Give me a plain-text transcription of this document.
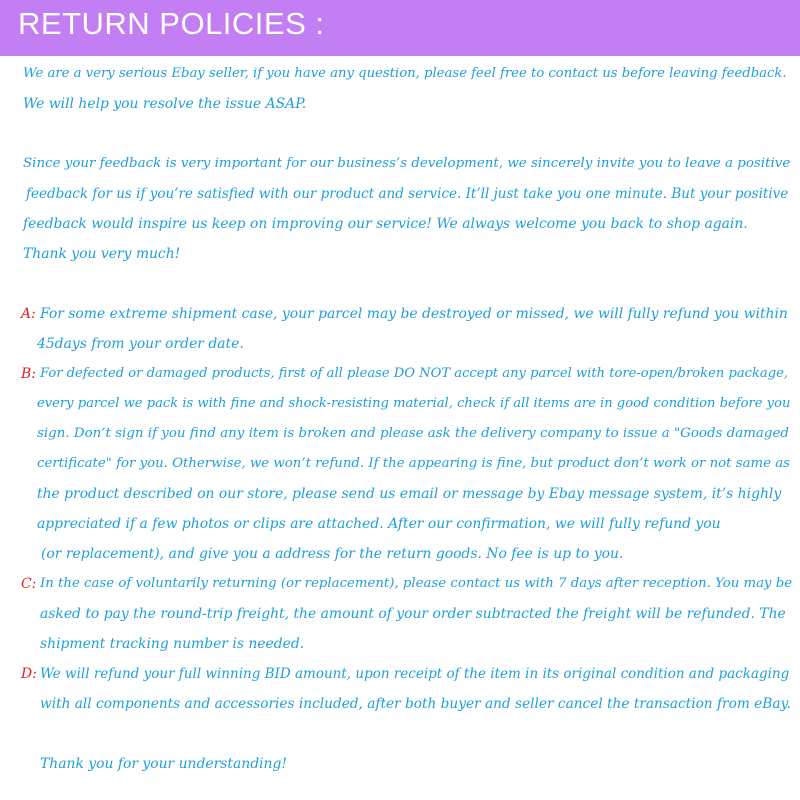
RETURN POLICIES :
We are a very serious Ebay seller, if you have any question, please feel free to contact us before leaving feedback.
We will help you resolve the issue ASAP.
Since your feedback is very important for our business’s development, we sincerely invite you to leave a positive
feedback for us if you’re satisfied with our product and service. It’ll just take you one minute. But your positive
feedback would inspire us keep on improving our service! We always welcome you back to shop again.
Thank you very much!
A: For some extreme shipment case, your parcel may be destroyed or missed, we will fully refund you within
45days from your order date.
B: For defected or damaged products, first of all please DO NOT accept any parcel with tore-open/broken package,
every parcel we pack is with fine and shock-resisting material, check if all items are in good condition before you
sign. Don’t sign if you find any item is broken and please ask the delivery company to issue a "Goods damaged
certificate" for you. Otherwise, we won’t refund. If the appearing is fine, but product don’t work or not same as
the product described on our store, please send us email or message by Ebay message system, it’s highly
appreciated if a few photos or clips are attached. After our confirmation, we will fully refund you
(or replacement), and give you a address for the return goods. No fee is up to you.
C: In the case of voluntarily returning (or replacement), please contact us with 7 days after reception. You may be
asked to pay the round-trip freight, the amount of your order subtracted the freight will be refunded. The
shipment tracking number is needed.
D: We will refund your full winning BID amount, upon receipt of the item in its original condition and packaging
with all components and accessories included, after both buyer and seller cancel the transaction from eBay.
Thank you for your understanding!
